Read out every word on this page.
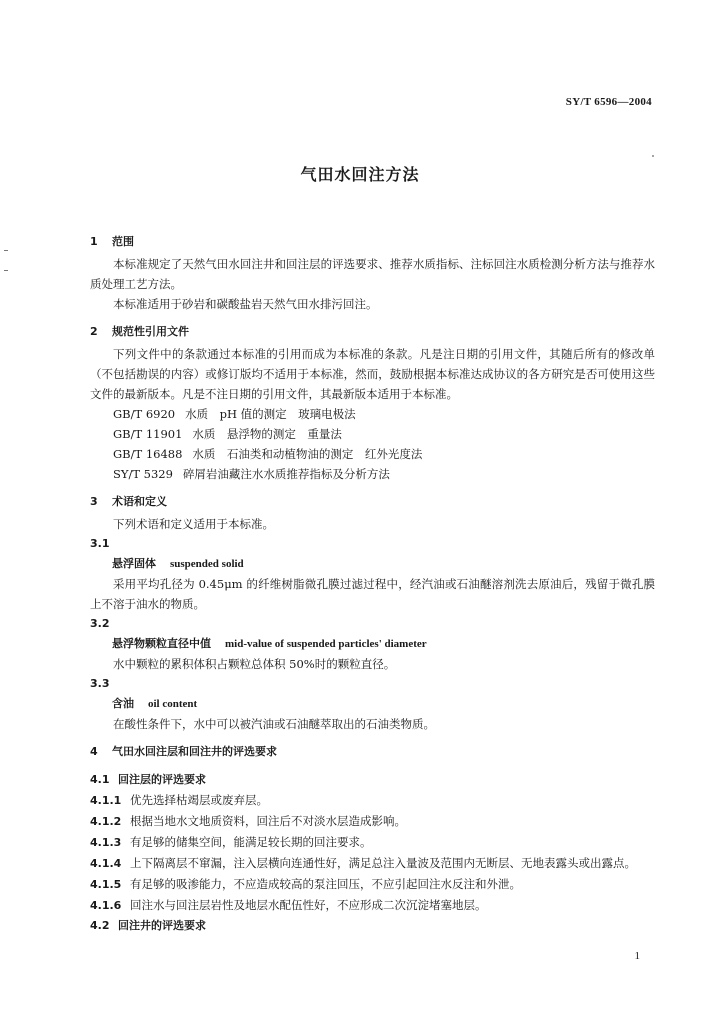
SY/T 6596—2004
气田水回注方法
1 范围

本标准规定了天然气田水回注井和回注层的评选要求、推荐水质指标、注标回注水质检测分析方法与推荐水质处理工艺方法。

本标准适用于砂岩和碳酸盐岩天然气田水排污回注。

2 规范性引用文件

下列文件中的条款通过本标准的引用而成为本标准的条款。凡是注日期的引用文件，其随后所有的修改单（不包括勘误的内容）或修订版均不适用于本标准，然而，鼓励根据本标准达成协议的各方研究是否可使用这些文件的最新版本。凡是不注日期的引用文件，其最新版本适用于本标准。

GB/T 6920 水质　pH 值的测定　玻璃电极法

GB/T 11901 水质　悬浮物的测定　重量法

GB/T 16488 水质　石油类和动植物油的测定　红外光度法

SY/T 5329 碎屑岩油藏注水水质推荐指标及分析方法

3 术语和定义

下列术语和定义适用于本标准。

3.1

悬浮固体 suspended solid

采用平均孔径为 0.45μm 的纤维树脂微孔膜过滤过程中，经汽油或石油醚溶剂洗去原油后，残留于微孔膜上不溶于油水的物质。

3.2

悬浮物颗粒直径中值 mid-value of suspended particles' diameter

水中颗粒的累积体积占颗粒总体积 50%时的颗粒直径。

3.3

含油 oil content

在酸性条件下，水中可以被汽油或石油醚萃取出的石油类物质。

4 气田水回注层和回注井的评选要求
4.1 回注层的评选要求

4.1.1 优先选择枯竭层或废弃层。

4.1.2 根据当地水文地质资料，回注后不对淡水层造成影响。

4.1.3 有足够的储集空间，能满足较长期的回注要求。

4.1.4 上下隔离层不窜漏，注入层横向连通性好，满足总注入量波及范围内无断层、无地表露头或出露点。

4.1.5 有足够的吸渗能力，不应造成较高的泵注回压，不应引起回注水反注和外泄。

4.1.6 回注水与回注层岩性及地层水配伍性好，不应形成二次沉淀堵塞地层。

4.2 回注井的评选要求
1
